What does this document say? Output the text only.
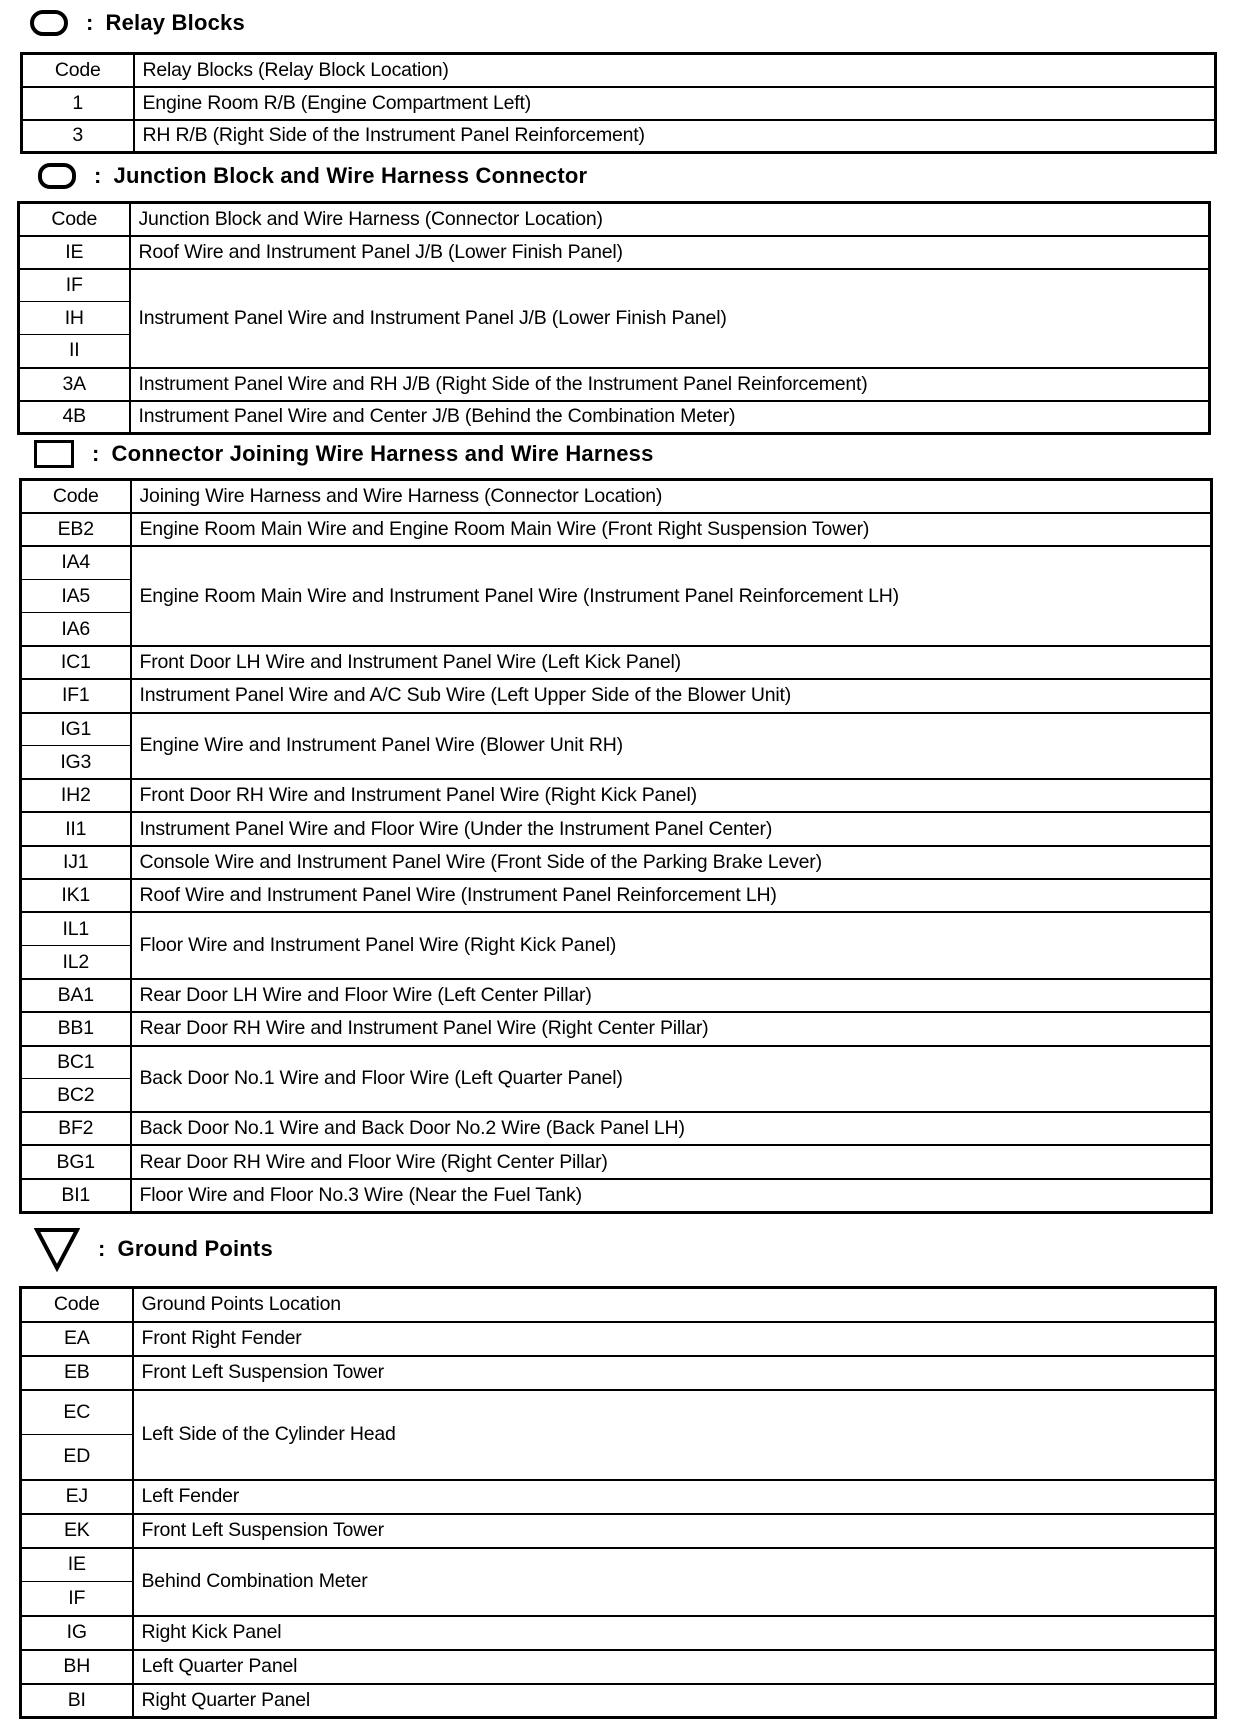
: Relay Blocks
Code	Relay Blocks (Relay Block Location)
1	Engine Room R/B (Engine Compartment Left)
3	RH R/B (Right Side of the Instrument Panel Reinforcement)
: Junction Block and Wire Harness Connector
Code	Junction Block and Wire Harness (Connector Location)
IE	Roof Wire and Instrument Panel J/B (Lower Finish Panel)
IF	Instrument Panel Wire and Instrument Panel J/B (Lower Finish Panel)
IH	
II	
3A	Instrument Panel Wire and RH J/B (Right Side of the Instrument Panel Reinforcement)
4B	Instrument Panel Wire and Center J/B (Behind the Combination Meter)
: Connector Joining Wire Harness and Wire Harness
Code	Joining Wire Harness and Wire Harness (Connector Location)
EB2	Engine Room Main Wire and Engine Room Main Wire (Front Right Suspension Tower)
IA4	Engine Room Main Wire and Instrument Panel Wire (Instrument Panel Reinforcement LH)
IA5	
IA6	
IC1	Front Door LH Wire and Instrument Panel Wire (Left Kick Panel)
IF1	Instrument Panel Wire and A/C Sub Wire (Left Upper Side of the Blower Unit)
IG1	Engine Wire and Instrument Panel Wire (Blower Unit RH)
IG3	
IH2	Front Door RH Wire and Instrument Panel Wire (Right Kick Panel)
II1	Instrument Panel Wire and Floor Wire (Under the Instrument Panel Center)
IJ1	Console Wire and Instrument Panel Wire (Front Side of the Parking Brake Lever)
IK1	Roof Wire and Instrument Panel Wire (Instrument Panel Reinforcement LH)
IL1	Floor Wire and Instrument Panel Wire (Right Kick Panel)
IL2	
BA1	Rear Door LH Wire and Floor Wire (Left Center Pillar)
BB1	Rear Door RH Wire and Instrument Panel Wire (Right Center Pillar)
BC1	Back Door No.1 Wire and Floor Wire (Left Quarter Panel)
BC2	
BF2	Back Door No.1 Wire and Back Door No.2 Wire (Back Panel LH)
BG1	Rear Door RH Wire and Floor Wire (Right Center Pillar)
BI1	Floor Wire and Floor No.3 Wire (Near the Fuel Tank)
: Ground Points
Code	Ground Points Location
EA	Front Right Fender
EB	Front Left Suspension Tower
EC	Left Side of the Cylinder Head
ED	
EJ	Left Fender
EK	Front Left Suspension Tower
IE	Behind Combination Meter
IF	
IG	Right Kick Panel
BH	Left Quarter Panel
BI	Right Quarter Panel
